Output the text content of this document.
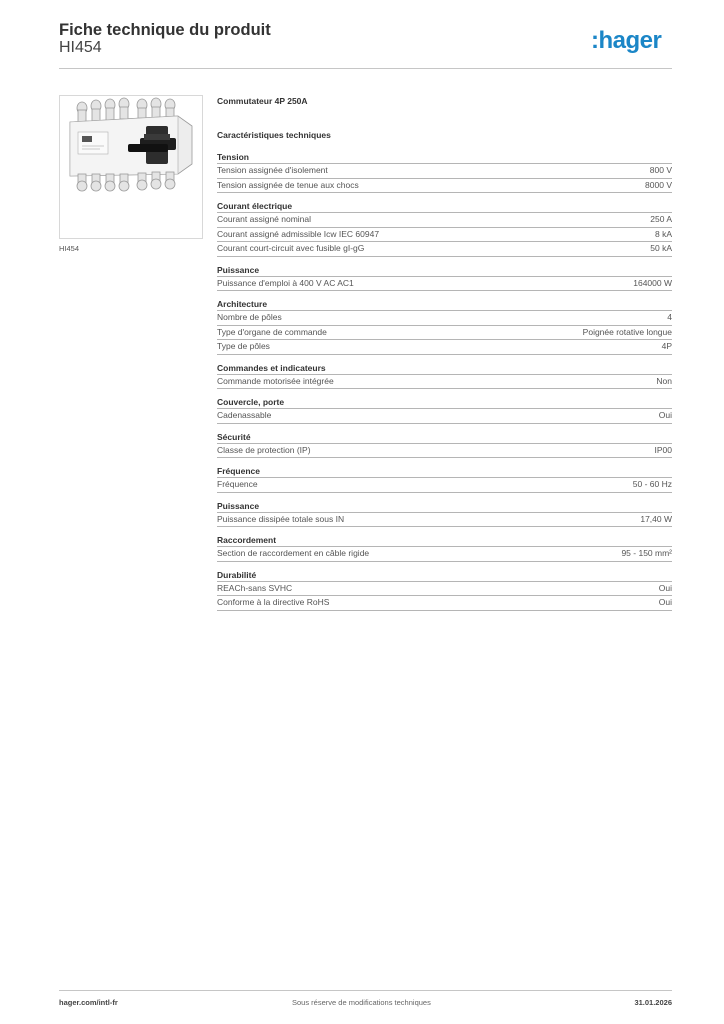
Fiche technique du produit
HI454	:hager
HI454
Commutateur 4P 250A
Caractéristiques techniques
Tension
Tension assignée d'isolement	800 V
Tension assignée de tenue aux chocs	8000 V
Courant électrique
Courant assigné nominal	250 A
Courant assigné admissible Icw IEC 60947	8 kA
Courant court-circuit avec fusible gI-gG	50 kA
Puissance
Puissance d'emploi à 400 V AC AC1	164000 W
Architecture
Nombre de pôles	4
Type d'organe de commande	Poignée rotative longue
Type de pôles	4P
Commandes et indicateurs
Commande motorisée intégrée	Non
Couvercle, porte
Cadenassable	Oui
Sécurité
Classe de protection (IP)	IP00
Fréquence
Fréquence	50 - 60 Hz
Puissance
Puissance dissipée totale sous IN	17,40 W
Raccordement
Section de raccordement en câble rigide	95 - 150 mm²
Durabilité
REACh-sans SVHC	Oui
Conforme à la directive RoHS	Oui
hager.com/intl-fr	Sous réserve de modifications techniques	31.01.2026
